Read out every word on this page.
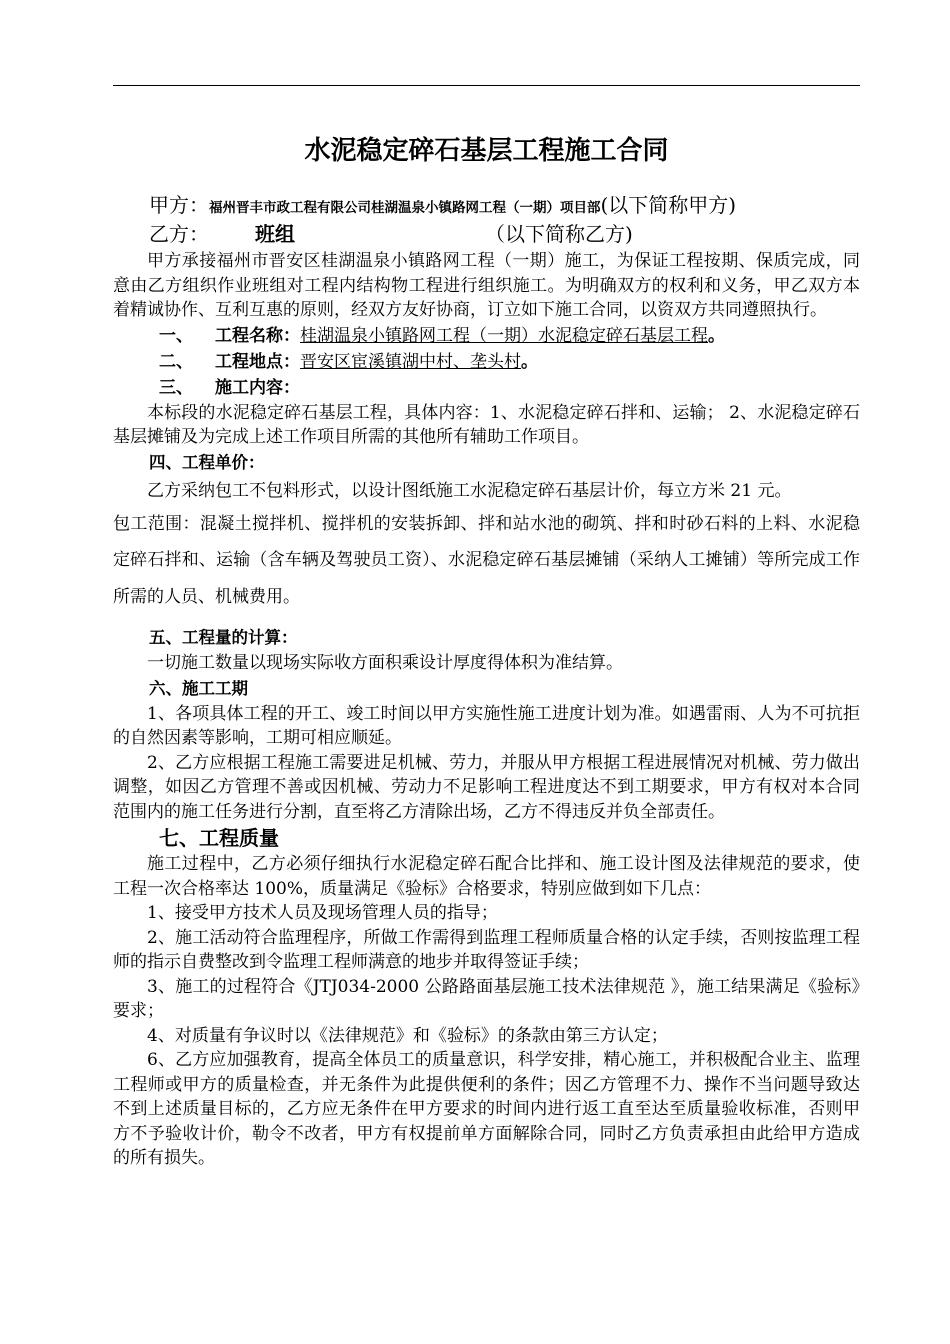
水泥稳定碎石基层工程施工合同

甲方：福州晋丰市政工程有限公司桂湖温泉小镇路网工程（一期）项目部(以下简称甲方)

乙方： 班组	（以下简称乙方)

甲方承接福州市晋安区桂湖温泉小镇路网工程（一期）施工，为保证工程按期、保质完成，同意由乙方组织作业班组对工程内结构物工程进行组织施工。为明确双方的权利和义务，甲乙双方本着精诚协作、互利互惠的原则，经双方友好协商，订立如下施工合同，以资双方共同遵照执行。

一、 工程名称：桂湖温泉小镇路网工程（一期）水泥稳定碎石基层工程。

二、 工程地点：晋安区宦溪镇湖中村、垄头村。

三、 施工内容：

本标段的水泥稳定碎石基层工程，具体内容：1、水泥稳定碎石拌和、运输； 2、水泥稳定碎石基层摊铺及为完成上述工作项目所需的其他所有辅助工作项目。

四、工程单价：

乙方采纳包工不包料形式，以设计图纸施工水泥稳定碎石基层计价，每立方米 21 元。

包工范围：混凝土搅拌机、搅拌机的安装拆卸、拌和站水池的砌筑、拌和时砂石料的上料、水泥稳定碎石拌和、运输（含车辆及驾驶员工资）、水泥稳定碎石基层摊铺（采纳人工摊铺）等所完成工作所需的人员、机械费用。

五、工程量的计算：

一切施工数量以现场实际收方面积乘设计厚度得体积为准结算。

六、施工工期

1、各项具体工程的开工、竣工时间以甲方实施性施工进度计划为准。如遇雷雨、人为不可抗拒的自然因素等影响，工期可相应顺延。

2、乙方应根据工程施工需要进足机械、劳力，并服从甲方根据工程进展情况对机械、劳力做出调整，如因乙方管理不善或因机械、劳动力不足影响工程进度达不到工期要求，甲方有权对本合同范围内的施工任务进行分割，直至将乙方清除出场，乙方不得违反并负全部责任。

七、工程质量

施工过程中，乙方必须仔细执行水泥稳定碎石配合比拌和、施工设计图及法律规范的要求，使工程一次合格率达 100%，质量满足《验标》合格要求，特别应做到如下几点：

1、接受甲方技术人员及现场管理人员的指导；

2、施工活动符合监理程序，所做工作需得到监理工程师质量合格的认定手续，否则按监理工程师的指示自费整改到令监理工程师满意的地步并取得签证手续；

3、施工的过程符合《JTJ034-2000 公路路面基层施工技术法律规范 》，施工结果满足《验标》要求；

4、对质量有争议时以《法律规范》和《验标》的条款由第三方认定；

6、乙方应加强教育，提高全体员工的质量意识，科学安排，精心施工，并积极配合业主、监理工程师或甲方的质量检查，并无条件为此提供便利的条件；因乙方管理不力、操作不当问题导致达不到上述质量目标的，乙方应无条件在甲方要求的时间内进行返工直至达至质量验收标准，否则甲方不予验收计价，勒令不改者，甲方有权提前单方面解除合同，同时乙方负责承担由此给甲方造成的所有损失。
